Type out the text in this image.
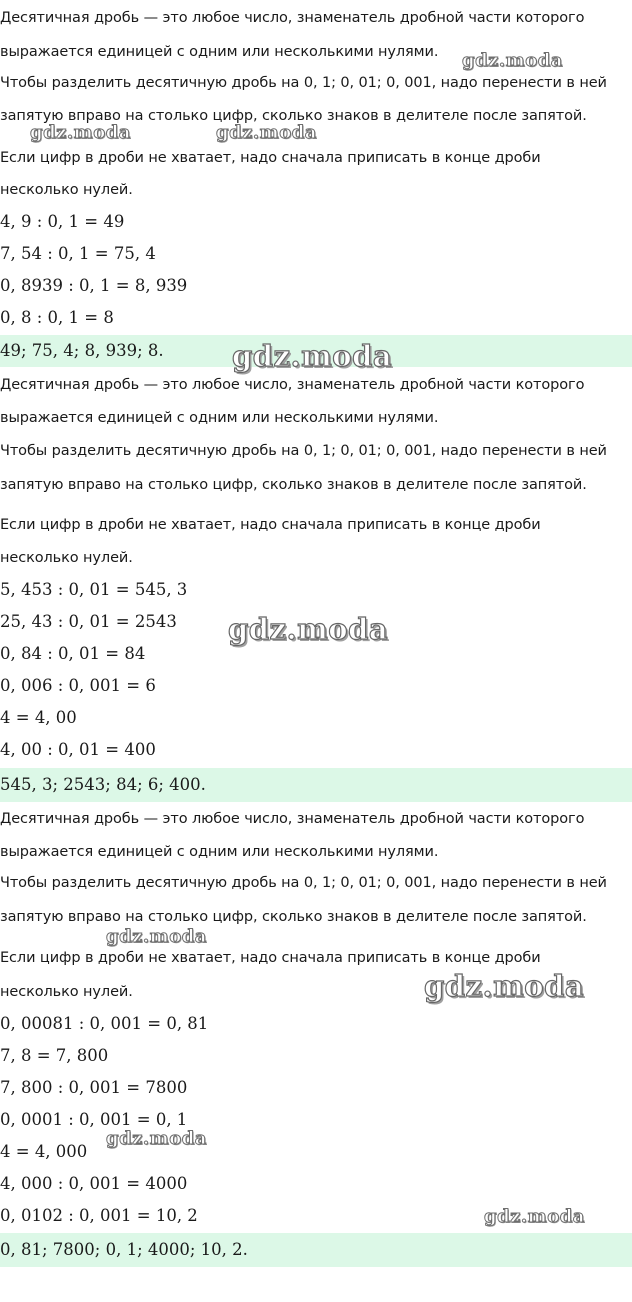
Десятичная дробь — это любое число, знаменатель дробной части которого
выражается единицей с одним или несколькими нулями.
Чтобы разделить десятичную дробь на 0, 1; 0, 01; 0, 001, надо перенести в ней
запятую вправо на столько цифр, сколько знаков в делителе после запятой.
Если цифр в дроби не хватает, надо сначала приписать в конце дроби
несколько нулей.
4, 9 : 0, 1 = 49
7, 54 : 0, 1 = 75, 4
0, 8939 : 0, 1 = 8, 939
0, 8 : 0, 1 = 8
49; 75, 4; 8, 939; 8.
Десятичная дробь — это любое число, знаменатель дробной части которого
выражается единицей с одним или несколькими нулями.
Чтобы разделить десятичную дробь на 0, 1; 0, 01; 0, 001, надо перенести в ней
запятую вправо на столько цифр, сколько знаков в делителе после запятой.
Если цифр в дроби не хватает, надо сначала приписать в конце дроби
несколько нулей.
5, 453 : 0, 01 = 545, 3
25, 43 : 0, 01 = 2543
0, 84 : 0, 01 = 84
0, 006 : 0, 001 = 6
4 = 4, 00
4, 00 : 0, 01 = 400
545, 3; 2543; 84; 6; 400.
Десятичная дробь — это любое число, знаменатель дробной части которого
выражается единицей с одним или несколькими нулями.
Чтобы разделить десятичную дробь на 0, 1; 0, 01; 0, 001, надо перенести в ней
запятую вправо на столько цифр, сколько знаков в делителе после запятой.
Если цифр в дроби не хватает, надо сначала приписать в конце дроби
несколько нулей.
0, 00081 : 0, 001 = 0, 81
7, 8 = 7, 800
7, 800 : 0, 001 = 7800
0, 0001 : 0, 001 = 0, 1
4 = 4, 000
4, 000 : 0, 001 = 4000
0, 0102 : 0, 001 = 10, 2
0, 81; 7800; 0, 1; 4000; 10, 2.
gdz.moda
gdz.moda	gdz.moda
gdz.moda
gdz.moda
gdz.moda
gdz.moda
gdz.moda
gdz.moda
